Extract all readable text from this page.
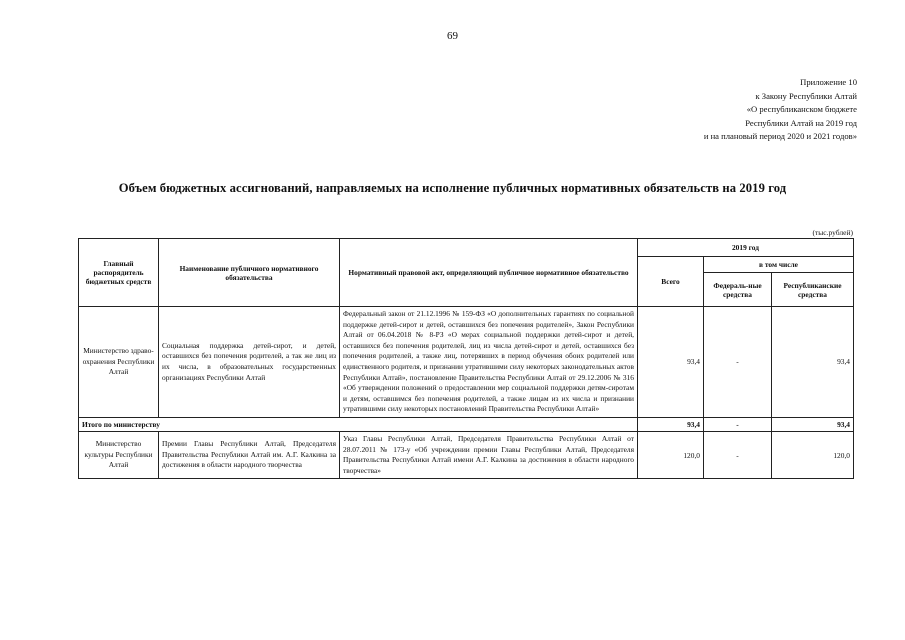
69
Приложение 10
к Закону Республики Алтай
«О республиканском бюджете
Республики Алтай на 2019 год
и на плановый период 2020 и 2021 годов»
Объем бюджетных ассигнований, направляемых на исполнение публичных нормативных обязательств на 2019 год
(тыс.рублей)
Главный распорядитель бюджетных средств	Наименование публичного нормативного обязательства	Нормативный правовой акт, определяющий публичное нормативное обязательство	2019 год		
			Всего	в том числе	
				Федераль-ные средства	Республиканские средства
Министерство здраво-охранения Республики Алтай	Социальная поддержка детей-сирот, и детей, оставшихся без попечения родителей, а так же лиц из их числа, в образовательных государственных организациях Республики Алтай	Федеральный закон от 21.12.1996 № 159-ФЗ «О дополнительных гарантиях по социальной поддержке детей-сирот и детей, оставшихся без попечения родителей», Закон Республики Алтай от 06.04.2018 № 8-РЗ «О мерах социальной поддержки детей-сирот и детей, оставшихся без попечения родителей, лиц из числа детей-сирот и детей, оставшихся без попечения родителей, а также лиц, потерявших в период обучения обоих родителей или единственного родителя, и признании утратившими силу некоторых законодательных актов Республики Алтай», постановление Правительства Республики Алтай от 29.12.2006 № 316 «Об утверждении положений о предоставлении мер социальной поддержки детям-сиротам и детям, оставшимся без попечения родителей, а также лицам из их числа и признании утратившими силу некоторых постановлений Правительства Республики Алтай»	93,4	-	93,4
Итого по министерству			93,4	-	93,4
Министерство культуры Республики Алтай	Премии Главы Республики Алтай, Председателя Правительства Республики Алтай им. А.Г. Калкина за достижения в области народного творчества	Указ Главы Республики Алтай, Председателя Правительства Республики Алтай от 28.07.2011 № 173-у «Об учреждении премии Главы Республики Алтай, Председателя Правительства Республики Алтай имени А.Г. Калкина за достижения в области народного творчества»	120,0	-	120,0
